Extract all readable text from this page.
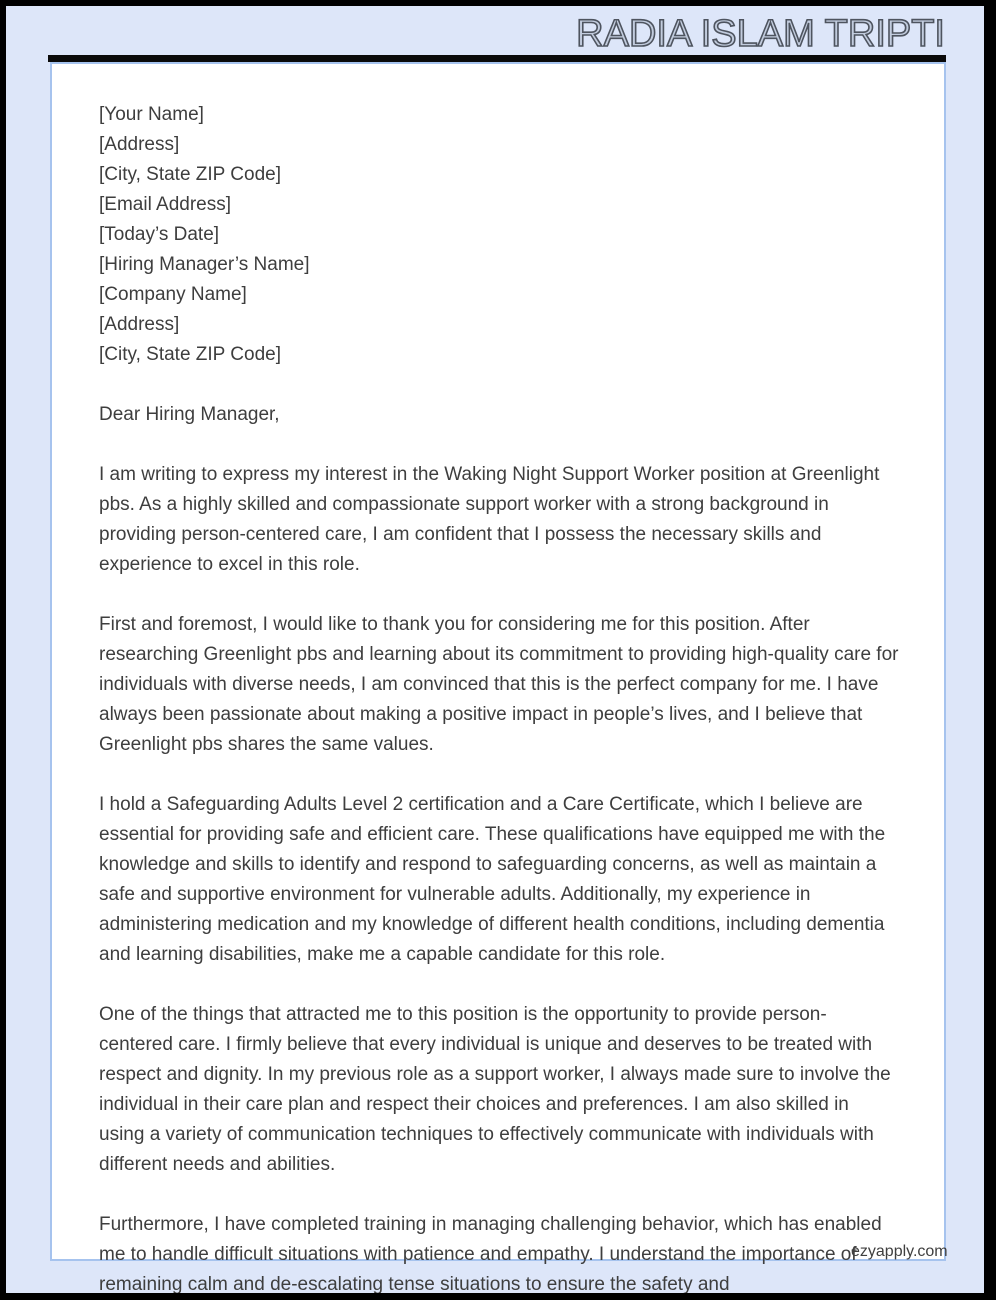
RADIA ISLAM TRIPTI
[Your Name]
[Address]
[City, State ZIP Code]
[Email Address]
[Today’s Date]
[Hiring Manager’s Name]
[Company Name]
[Address]
[City, State ZIP Code]

Dear Hiring Manager,

I am writing to express my interest in the Waking Night Support Worker position at Greenlight pbs. As a highly skilled and compassionate support worker with a strong background in providing person-centered care, I am confident that I possess the necessary skills and experience to excel in this role.

First and foremost, I would like to thank you for considering me for this position. After researching Greenlight pbs and learning about its commitment to providing high-quality care for individuals with diverse needs, I am convinced that this is the perfect company for me. I have always been passionate about making a positive impact in people’s lives, and I believe that Greenlight pbs shares the same values.

I hold a Safeguarding Adults Level 2 certification and a Care Certificate, which I believe are essential for providing safe and efficient care. These qualifications have equipped me with the knowledge and skills to identify and respond to safeguarding concerns, as well as maintain a safe and supportive environment for vulnerable adults. Additionally, my experience in administering medication and my knowledge of different health conditions, including dementia and learning disabilities, make me a capable candidate for this role.

One of the things that attracted me to this position is the opportunity to provide person-centered care. I firmly believe that every individual is unique and deserves to be treated with respect and dignity. In my previous role as a support worker, I always made sure to involve the individual in their care plan and respect their choices and preferences. I am also skilled in using a variety of communication techniques to effectively communicate with individuals with different needs and abilities.

Furthermore, I have completed training in managing challenging behavior, which has enabled me to handle difficult situations with patience and empathy. I understand the importance of remaining calm and de-escalating tense situations to ensure the safety and

ezyapply.com
